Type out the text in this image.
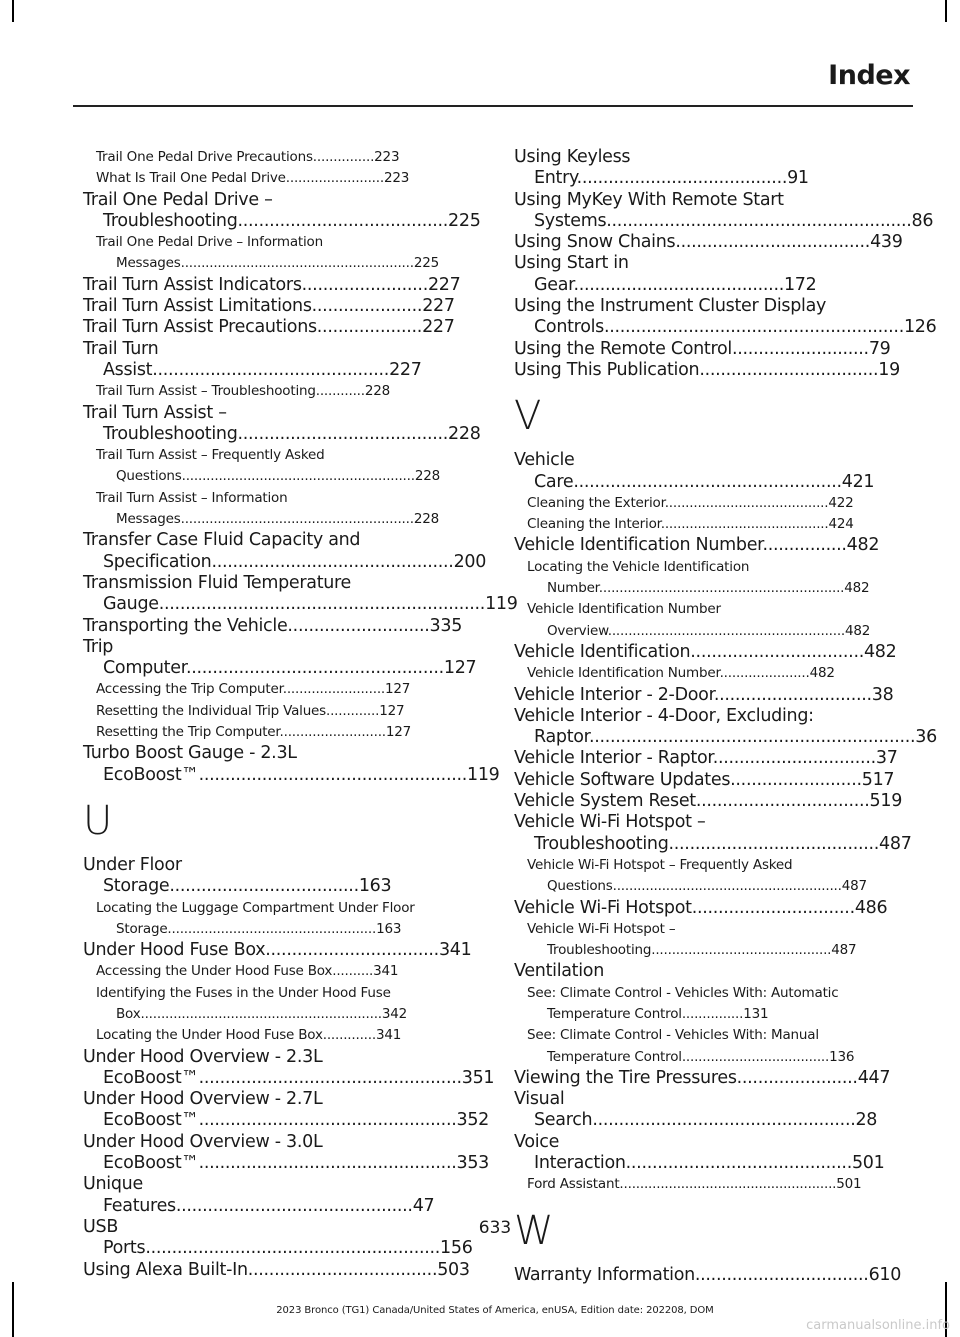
Index
Trail One Pedal Drive Precautions...............223
What Is Trail One Pedal Drive........................223
Trail One Pedal Drive – Troubleshooting........................................225
Trail One Pedal Drive – Information Messages.........................................................225
Trail Turn Assist Indicators........................227
Trail Turn Assist Limitations.....................227
Trail Turn Assist Precautions....................227
Trail Turn Assist.............................................227
Trail Turn Assist – Troubleshooting............228
Trail Turn Assist – Troubleshooting........................................228
Trail Turn Assist – Frequently Asked Questions.........................................................228
Trail Turn Assist – Information Messages.........................................................228
Transfer Case Fluid Capacity and Specification..............................................200
Transmission Fluid Temperature Gauge..............................................................119
Transporting the Vehicle...........................335
Trip Computer.................................................127
Accessing the Trip Computer.........................127
Resetting the Individual Trip Values.............127
Resetting the Trip Computer..........................127
Turbo Boost Gauge - 2.3L EcoBoost™...................................................119
U
Under Floor Storage....................................163
Locating the Luggage Compartment Under Floor Storage...................................................163
Under Hood Fuse Box.................................341
Accessing the Under Hood Fuse Box..........341
Identifying the Fuses in the Under Hood Fuse Box...........................................................342
Locating the Under Hood Fuse Box.............341
Under Hood Overview - 2.3L EcoBoost™..................................................351
Under Hood Overview - 2.7L EcoBoost™.................................................352
Under Hood Overview - 3.0L EcoBoost™.................................................353
Unique Features.............................................47
USB Ports........................................................156
Using Alexa Built-In....................................503
Using Keyless Entry........................................91
Using MyKey With Remote Start Systems..........................................................86
Using Snow Chains.....................................439
Using Start in Gear........................................172
Using the Instrument Cluster Display Controls.........................................................126
Using the Remote Control..........................79
Using This Publication..................................19
V
Vehicle Care...................................................421
Cleaning the Exterior........................................422
Cleaning the Interior.........................................424
Vehicle Identification Number................482
Locating the Vehicle Identification Number............................................................482
Vehicle Identification Number Overview..........................................................482
Vehicle Identification.................................482
Vehicle Identification Number......................482
Vehicle Interior - 2-Door..............................38
Vehicle Interior - 4-Door, Excluding: Raptor..............................................................36
Vehicle Interior - Raptor...............................37
Vehicle Software Updates.........................517
Vehicle System Reset.................................519
Vehicle Wi-Fi Hotspot – Troubleshooting........................................487
Vehicle Wi-Fi Hotspot – Frequently Asked Questions........................................................487
Vehicle Wi-Fi Hotspot...............................486
Vehicle Wi-Fi Hotspot – Troubleshooting............................................487
Ventilation
See: Climate Control - Vehicles With: Automatic Temperature Control...............131
See: Climate Control - Vehicles With: Manual Temperature Control....................................136
Viewing the Tire Pressures.......................447
Visual Search..................................................28
Voice Interaction...........................................501
Ford Assistant.....................................................501
W
Warranty Information.................................610
633
2023 Bronco (TG1) Canada/United States of America, enUSA, Edition date: 202208, DOM
carmanualsonline.info
